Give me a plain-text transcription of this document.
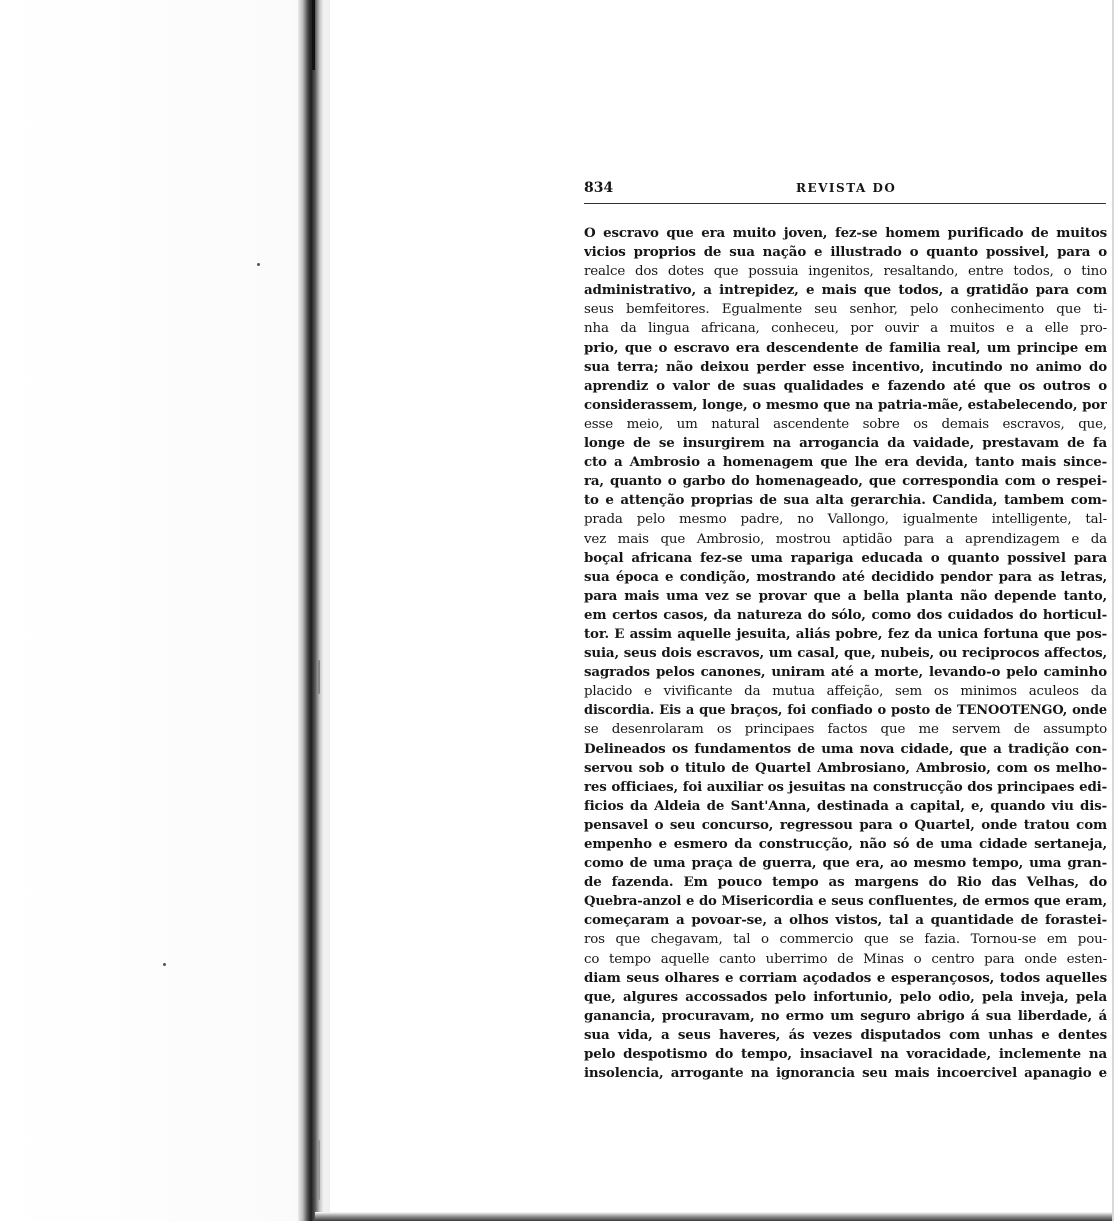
834	REVISTA DO
O escravo que era muito joven, fez-se homem purificado de muitos
vicios proprios de sua nação e illustrado o quanto possivel, para o
realce dos dotes que possuia ingenitos, resaltando, entre todos, o tino
administrativo, a intrepidez, e mais que todos, a gratidão para com
seus bemfeitores. Egualmente seu senhor, pelo conhecimento que ti-
nha da lingua africana, conheceu, por ouvir a muitos e a elle pro-
prio, que o escravo era descendente de familia real, um principe em
sua terra; não deixou perder esse incentivo, incutindo no animo do
aprendiz o valor de suas qualidades e fazendo até que os outros o
considerassem, longe, o mesmo que na patria-mãe, estabelecendo, por
esse meio, um natural ascendente sobre os demais escravos, que,
longe de se insurgirem na arrogancia da vaidade, prestavam de fa
cto a Ambrosio a homenagem que lhe era devida, tanto mais since-
ra, quanto o garbo do homenageado, que correspondia com o respei-
to e attenção proprias de sua alta gerarchia. Candida, tambem com-
prada pelo mesmo padre, no Vallongo, igualmente intelligente, tal-
vez mais que Ambrosio, mostrou aptidão para a aprendizagem e da
boçal africana fez-se uma rapariga educada o quanto possivel para
sua época e condição, mostrando até decidido pendor para as letras,
para mais uma vez se provar que a bella planta não depende tanto,
em certos casos, da natureza do sólo, como dos cuidados do horticul-
tor. E assim aquelle jesuita, aliás pobre, fez da unica fortuna que pos-
suia, seus dois escravos, um casal, que, nubeis, ou reciprocos affectos,
sagrados pelos canones, uniram até a morte, levando-o pelo caminho
placido e vivificante da mutua affeição, sem os minimos aculeos da
discordia. Eis a que braços, foi confiado o posto de TENOOTENGO, onde
se desenrolaram os principaes factos que me servem de assumpto
Delineados os fundamentos de uma nova cidade, que a tradição con-
servou sob o titulo de Quartel Ambrosiano, Ambrosio, com os melho-
res officiaes, foi auxiliar os jesuitas na construcção dos principaes edi-
ficios da Aldeia de Sant'Anna, destinada a capital, e, quando viu dis-
pensavel o seu concurso, regressou para o Quartel, onde tratou com
empenho e esmero da construcção, não só de uma cidade sertaneja,
como de uma praça de guerra, que era, ao mesmo tempo, uma gran-
de fazenda. Em pouco tempo as margens do Rio das Velhas, do
Quebra-anzol e do Misericordia e seus confluentes, de ermos que eram,
começaram a povoar-se, a olhos vistos, tal a quantidade de forastei-
ros que chegavam, tal o commercio que se fazia. Tornou-se em pou-
co tempo aquelle canto uberrimo de Minas o centro para onde esten-
diam seus olhares e corriam açodados e esperançosos, todos aquelles
que, algures accossados pelo infortunio, pelo odio, pela inveja, pela
ganancia, procuravam, no ermo um seguro abrigo á sua liberdade, á
sua vida, a seus haveres, ás vezes disputados com unhas e dentes
pelo despotismo do tempo, insaciavel na voracidade, inclemente na
insolencia, arrogante na ignorancia seu mais incoercivel apanagio e
